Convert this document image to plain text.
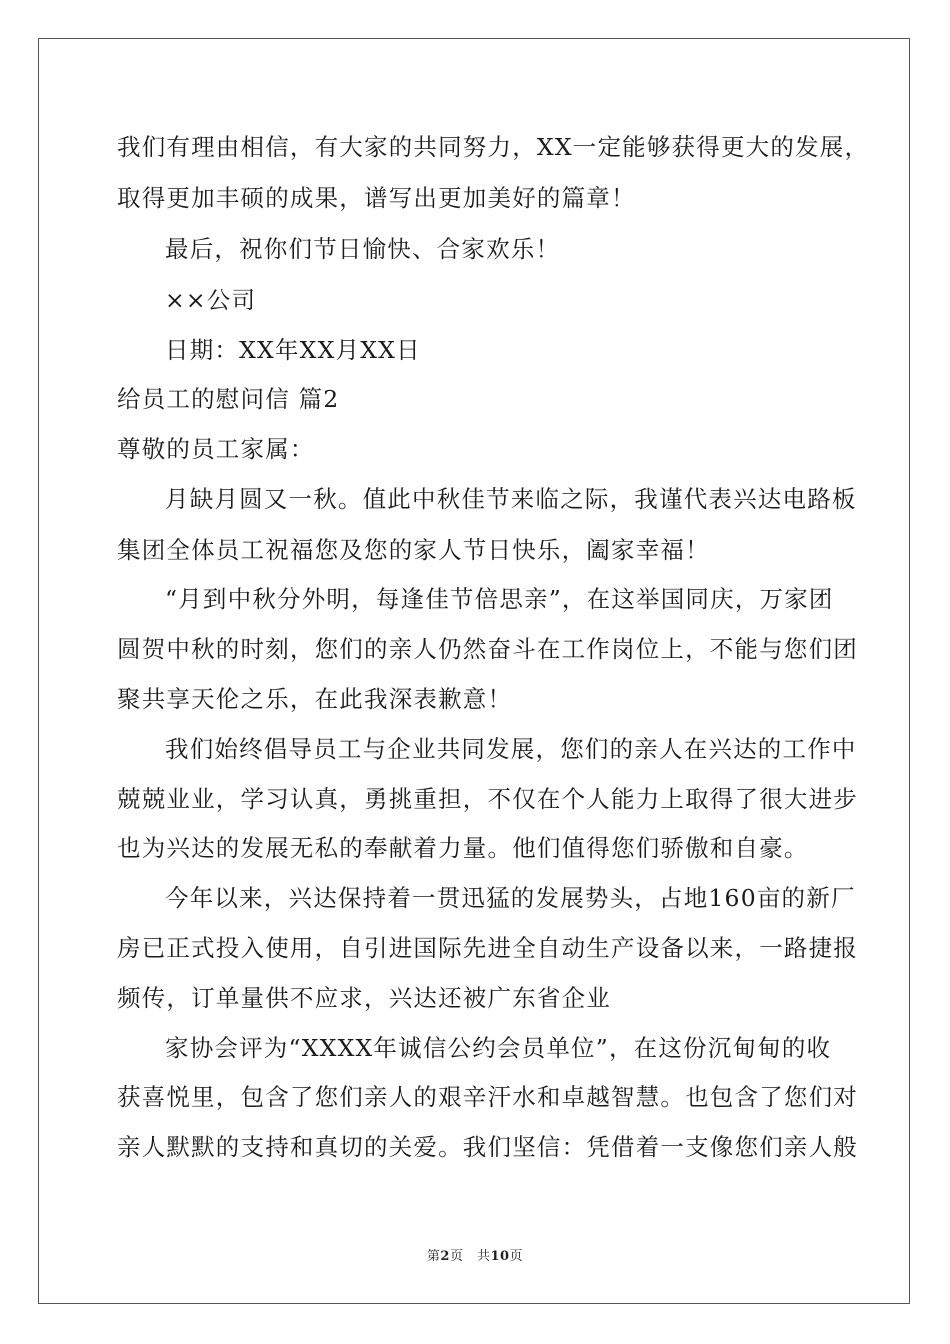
我们有理由相信，有大家的共同努力，XX一定能够获得更大的发展，
取得更加丰硕的成果，谱写出更加美好的篇章！
最后，祝你们节日愉快、合家欢乐！
××公司
日期：XX年XX月XX日
给员工的慰问信 篇2
尊敬的员工家属：
月缺月圆又一秋。值此中秋佳节来临之际，我谨代表兴达电路板
集团全体员工祝福您及您的家人节日快乐，阖家幸福！
“月到中秋分外明，每逢佳节倍思亲”，在这举国同庆，万家团
圆贺中秋的时刻，您们的亲人仍然奋斗在工作岗位上，不能与您们团
聚共享天伦之乐，在此我深表歉意！
我们始终倡导员工与企业共同发展，您们的亲人在兴达的工作中
兢兢业业，学习认真，勇挑重担，不仅在个人能力上取得了很大进步
也为兴达的发展无私的奉献着力量。他们值得您们骄傲和自豪。
今年以来，兴达保持着一贯迅猛的发展势头，占地160亩的新厂
房已正式投入使用，自引进国际先进全自动生产设备以来，一路捷报
频传，订单量供不应求，兴达还被广东省企业
家协会评为“XXXX年诚信公约会员单位”，在这份沉甸甸的收
获喜悦里，包含了您们亲人的艰辛汗水和卓越智慧。也包含了您们对
亲人默默的支持和真切的关爱。我们坚信：凭借着一支像您们亲人般
第2页　共10页
